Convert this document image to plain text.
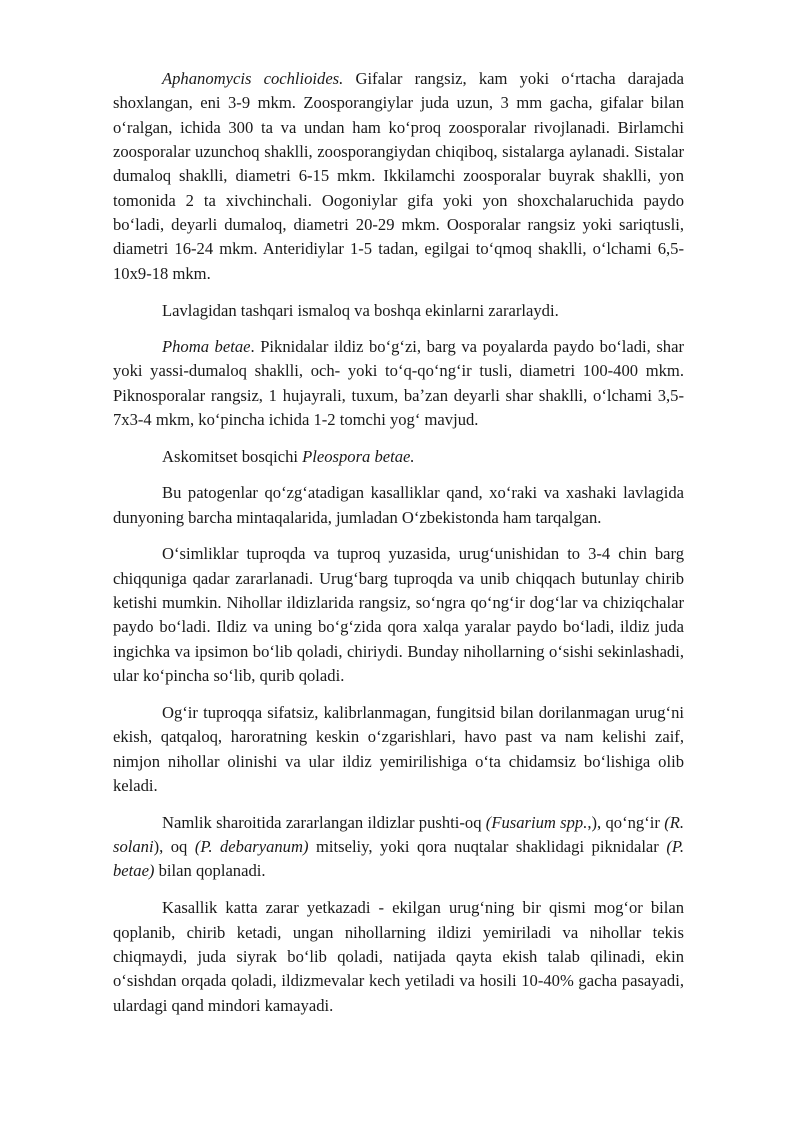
Aphanomycis cochlioides. Gifalar rangsiz, kam yoki oʻrtacha darajada shoxlangan, eni 3-9 mkm. Zoosporangiylar juda uzun, 3 mm gacha, gifalar bilan oʻralgan, ichida 300 ta va undan ham koʻproq zoosporalar rivojlanadi. Birlamchi zoosporalar uzunchoq shaklli, zoosporangiydan chiqiboq, sistalarga aylanadi. Sistalar dumaloq shaklli, diametri 6-15 mkm. Ikkilamchi zoosporalar buyrak shaklli, yon tomonida 2 ta xivchinchali. Oogoniylar gifa yoki yon shoxchalaruchida paydo boʻladi, deyarli dumaloq, diametri 20-29 mkm. Oosporalar rangsiz yoki sariqtusli, diametri 16-24 mkm. Anteridiylar 1-5 tadan, egilgai toʻqmoq shaklli, oʻlchami 6,5-10x9-18 mkm.

Lavlagidan tashqari ismaloq va boshqa ekinlarni zararlaydi.

Phoma betae. Piknidalar ildiz boʻgʻzi, barg va poyalarda paydo boʻladi, shar yoki yassi-dumaloq shaklli, och- yoki toʻq-qoʻngʻir tusli, diametri 100-400 mkm. Piknosporalar rangsiz, 1 hujayrali, tuxum, baʼzan deyarli shar shaklli, oʻlchami 3,5-7x3-4 mkm, koʻpincha ichida 1-2 tomchi yogʻ mavjud.

Askomitset bosqichi Pleospora betae.

Bu patogenlar qoʻzgʻatadigan kasalliklar qand, xoʻraki va xashaki lavlagida dunyoning barcha mintaqalarida, jumladan Oʻzbekistonda ham tarqalgan.

Oʻsimliklar tuproqda va tuproq yuzasida, urugʻunishidan to 3-4 chin barg chiqquniga qadar zararlanadi. Urugʻbarg tuproqda va unib chiqqach butunlay chirib ketishi mumkin. Nihollar ildizlarida rangsiz, soʻngra qoʻngʻir dogʻlar va chiziqchalar paydo boʻladi. Ildiz va uning boʻgʻzida qora xalqa yaralar paydo boʻladi, ildiz juda ingichka va ipsimon boʻlib qoladi, chiriydi. Bunday nihollarning oʻsishi sekinlashadi, ular koʻpincha soʻlib, qurib qoladi.

Ogʻir tuproqqa sifatsiz, kalibrlanmagan, fungitsid bilan dorilanmagan urugʻni ekish, qatqaloq, haroratning keskin oʻzgarishlari, havo past va nam kelishi zaif, nimjon nihollar olinishi va ular ildiz yemirilishiga oʻta chidamsiz boʻlishiga olib keladi.

Namlik sharoitida zararlangan ildizlar pushti-oq (Fusarium spp.,), qoʻngʻir (R. solani), oq (P. debaryanum) mitseliy, yoki qora nuqtalar shaklidagi piknidalar (P. betae) bilan qoplanadi.

Kasallik katta zarar yetkazadi - ekilgan urugʻning bir qismi mogʻor bilan qoplanib, chirib ketadi, ungan nihollarning ildizi yemiriladi va nihollar tekis chiqmaydi, juda siyrak boʻlib qoladi, natijada qayta ekish talab qilinadi, ekin oʻsishdan orqada qoladi, ildizmevalar kech yetiladi va hosili 10-40% gacha pasayadi, ulardagi qand mindori kamayadi.
